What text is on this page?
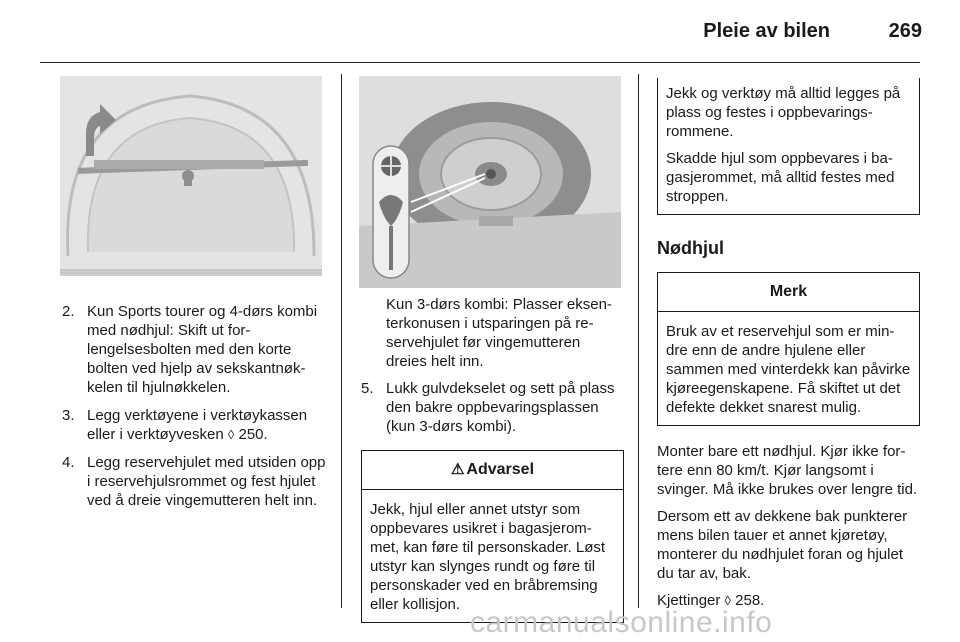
Pleie av bilen	269
2. Kun Sports tourer og 4-dørs kombi med nødhjul: Skift ut forlengelsesbolten med den korte bolten ved hjelp av sekskantnøkkelen til hjulnøkkelen.
3. Legg verktøyene i verktøykassen eller i verktøyvesken ◊ 250.
4. Legg reservehjulet med utsiden opp i reservehjulsrommet og fest hjulet ved å dreie vingemutteren helt inn.

Kun 3-dørs kombi: Plasser eksenterkonusen i utsparingen på reservehjulet før vingemutteren dreies helt inn.

5. Lukk gulvdekselet og sett på plass den bakre oppbevaringsplassen (kun 3-dørs kombi).
⚠ Advarsel

Jekk, hjul eller annet utstyr som oppbevares usikret i bagasjerommet, kan føre til personskader. Løst utstyr kan slynges rundt og føre til personskader ved en bråbremsing eller kollisjon.

Jekk og verktøy må alltid legges på plass og festes i oppbevaringsrommene.

Skadde hjul som oppbevares i bagasjerommet, må alltid festes med stroppen.

Nødhjul
Merk

Bruk av et reservehjul som er mindre enn de andre hjulene eller sammen med vinterdekk kan påvirke kjøreegenskapene. Få skiftet ut det defekte dekket snarest mulig.

Monter bare ett nødhjul. Kjør ikke fortere enn 80 km/t. Kjør langsomt i svinger. Må ikke brukes over lengre tid.

Dersom ett av dekkene bak punkterer mens bilen tauer et annet kjøretøy, monterer du nødhjulet foran og hjulet du tar av, bak.

Kjettinger ◊ 258.

carmanualsonline.info
